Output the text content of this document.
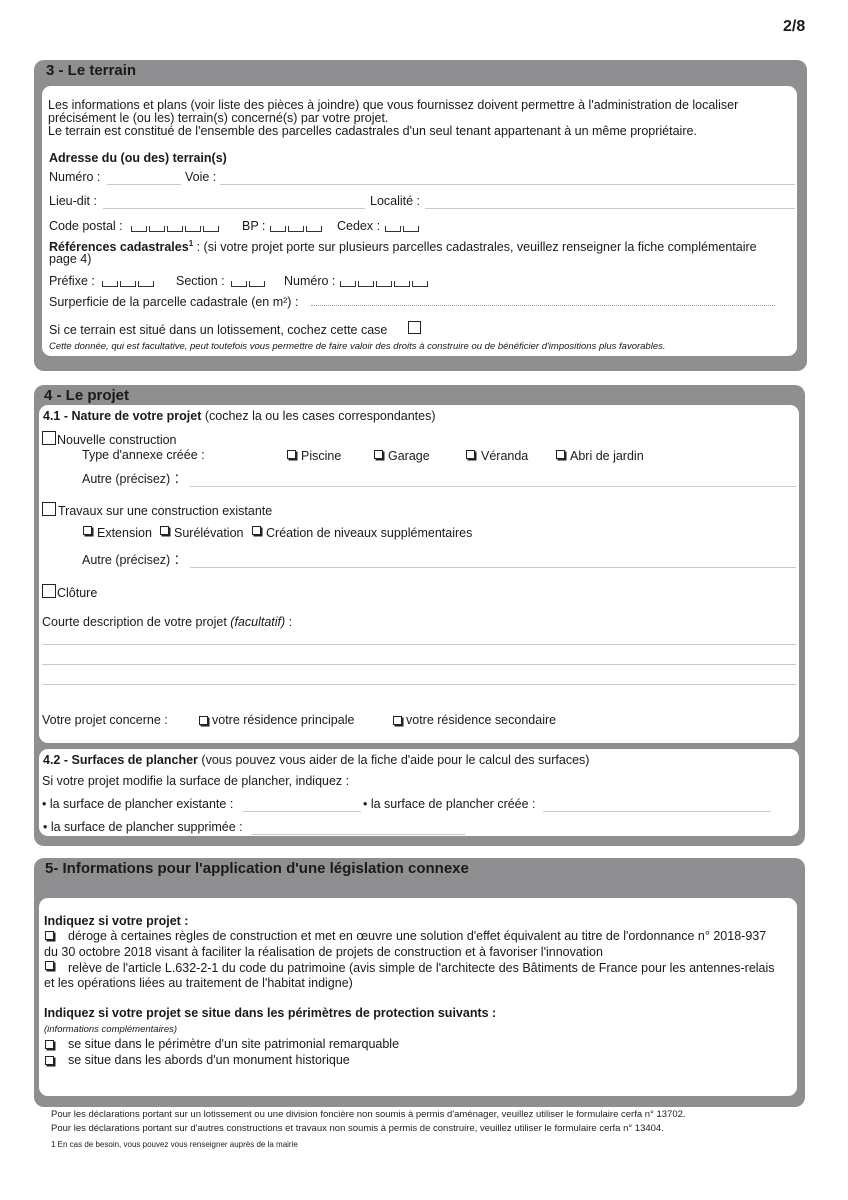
2/8
3 - Le terrain
Les informations et plans (voir liste des pièces à joindre) que vous fournissez doivent permettre à l'administration de localiser
précisément le (ou les) terrain(s) concerné(s) par votre projet.
Le terrain est constitué de l'ensemble des parcelles cadastrales d'un seul tenant appartenant à un même propriétaire.
Adresse du (ou des) terrain(s)
Numéro :	Voie :
Lieu-dit :	Localité :
Code postal :	BP :	Cedex :
Références cadastrales$^1$ : (si votre projet porte sur plusieurs parcelles cadastrales, veuillez renseigner la fiche complémentaire
page 4)
Préfixe :	Section :	Numéro :
Surperficie de la parcelle cadastrale (en m²) :
Si ce terrain est situé dans un lotissement, cochez cette case
Cette donnée, qui est facultative, peut toutefois vous permettre de faire valoir des droits à construire ou de bénéficier d'impositions plus favorables.
4 - Le projet
4.1 - Nature de votre projet (cochez la ou les cases correspondantes)
Nouvelle construction
Type d'annexe créée :	Piscine	Garage	Véranda	Abri de jardin
Autre (précisez) :
Travaux sur une construction existante
Extension Surélévation Création de niveaux supplémentaires
Autre (précisez) :
Clôture
Courte description de votre projet (facultatif) :
Votre projet concerne :	votre résidence principale	votre résidence secondaire
4.2 - Surfaces de plancher (vous pouvez vous aider de la fiche d'aide pour le calcul des surfaces)
Si votre projet modifie la surface de plancher, indiquez :
• la surface de plancher existante :	• la surface de plancher créée :
• la surface de plancher supprimée :
5- Informations pour l'application d'une législation connexe
Indiquez si votre projet :
déroge à certaines règles de construction et met en œuvre une solution d'effet équivalent au titre de l'ordonnance n° 2018-937
du 30 octobre 2018 visant à faciliter la réalisation de projets de construction et à favoriser l'innovation
relève de l'article L.632-2-1 du code du patrimoine (avis simple de l'architecte des Bâtiments de France pour les antennes-relais
et les opérations liées au traitement de l'habitat indigne)
Indiquez si votre projet se situe dans les périmètres de protection suivants :
(informations complémentaires)
se situe dans le périmètre d'un site patrimonial remarquable
se situe dans les abords d'un monument historique
Pour les déclarations portant sur un lotissement ou une division foncière non soumis à permis d'aménager, veuillez utiliser le formulaire cerfa n° 13702.
Pour les déclarations portant sur d'autres constructions et travaux non soumis à permis de construire, veuillez utiliser le formulaire cerfa n° 13404.
1 En cas de besoin, vous pouvez vous renseigner auprès de la mairie
